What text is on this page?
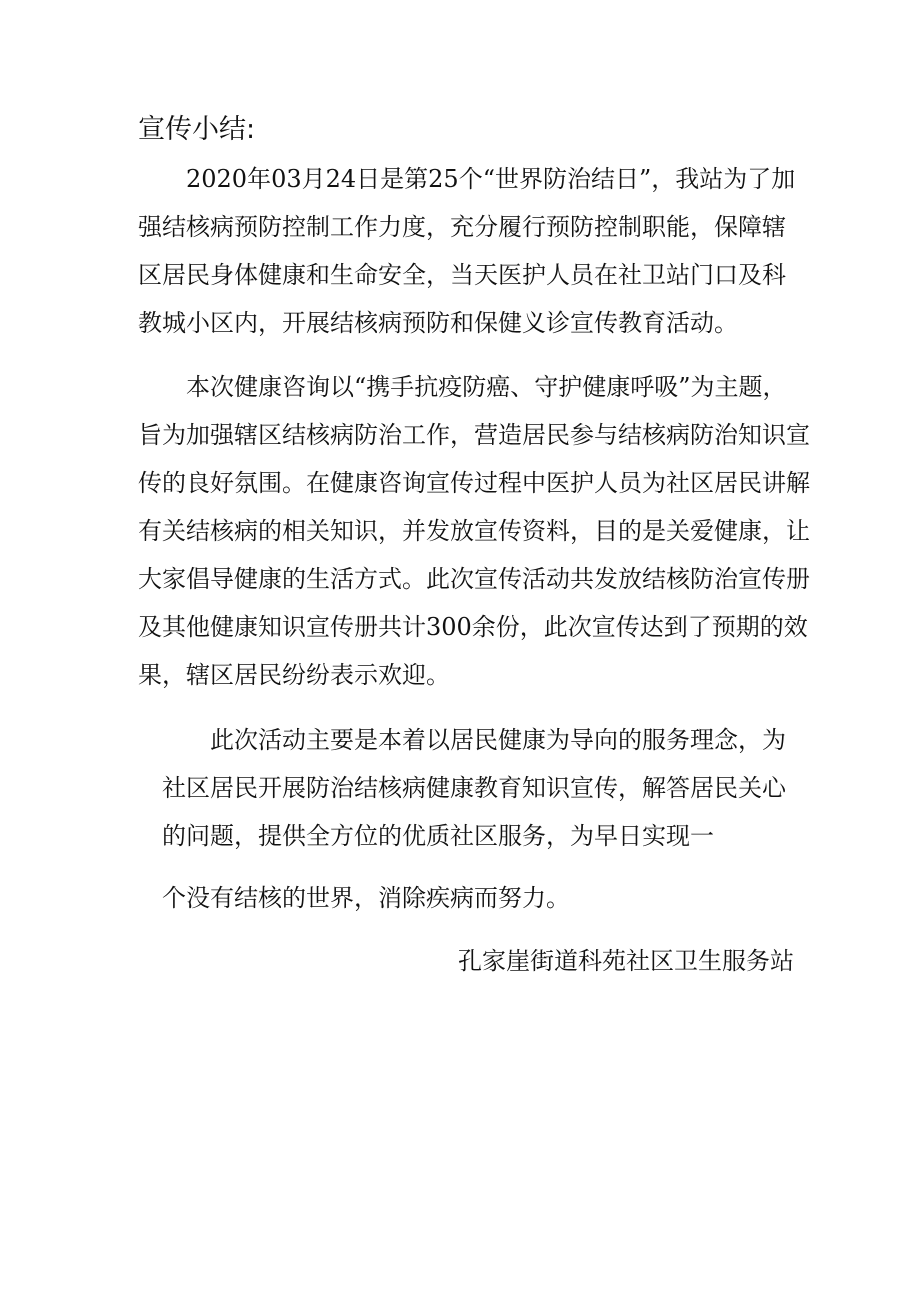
宣传小结:
2020年03月24日是第25个“世界防治结日”，我站为了加
强结核病预防控制工作力度，充分履行预防控制职能，保障辖
区居民身体健康和生命安全，当天医护人员在社卫站门口及科
教城小区内，开展结核病预防和保健义诊宣传教育活动。
本次健康咨询以“携手抗疫防癌、守护健康呼吸”为主题，
旨为加强辖区结核病防治工作，营造居民参与结核病防治知识宣
传的良好氛围。在健康咨询宣传过程中医护人员为社区居民讲解
有关结核病的相关知识，并发放宣传资料，目的是关爱健康，让
大家倡导健康的生活方式。此次宣传活动共发放结核防治宣传册
及其他健康知识宣传册共计300余份，此次宣传达到了预期的效
果，辖区居民纷纷表示欢迎。
此次活动主要是本着以居民健康为导向的服务理念，为
社区居民开展防治结核病健康教育知识宣传，解答居民关心
的问题，提供全方位的优质社区服务，为早日实现一
个没有结核的世界，消除疾病而努力。
孔家崖街道科苑社区卫生服务站
